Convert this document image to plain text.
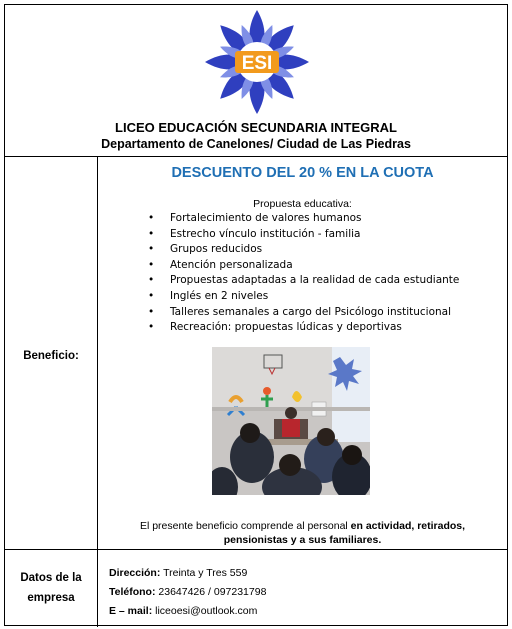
ESI
LICEO EDUCACIÓN SECUNDARIA INTEGRAL
Departamento de Canelones/ Ciudad de Las Piedras
Beneficio:
DESCUENTO DEL 20 % EN LA CUOTA
Propuesta educativa:
• Fortalecimiento de valores humanos
• Estrecho vínculo institución - familia
• Grupos reducidos
• Atención personalizada
• Propuestas adaptadas a la realidad de cada estudiante
• Inglés en 2 niveles
• Talleres semanales a cargo del Psicólogo institucional
• Recreación: propuestas lúdicas y deportivas
El presente beneficio comprende al personal en actividad, retirados,
pensionistas y a sus familiares.
Datos de la
empresa
Dirección: Treinta y Tres 559
Teléfono: 23647426 / 097231798
E – mail: liceoesi@outlook.com
